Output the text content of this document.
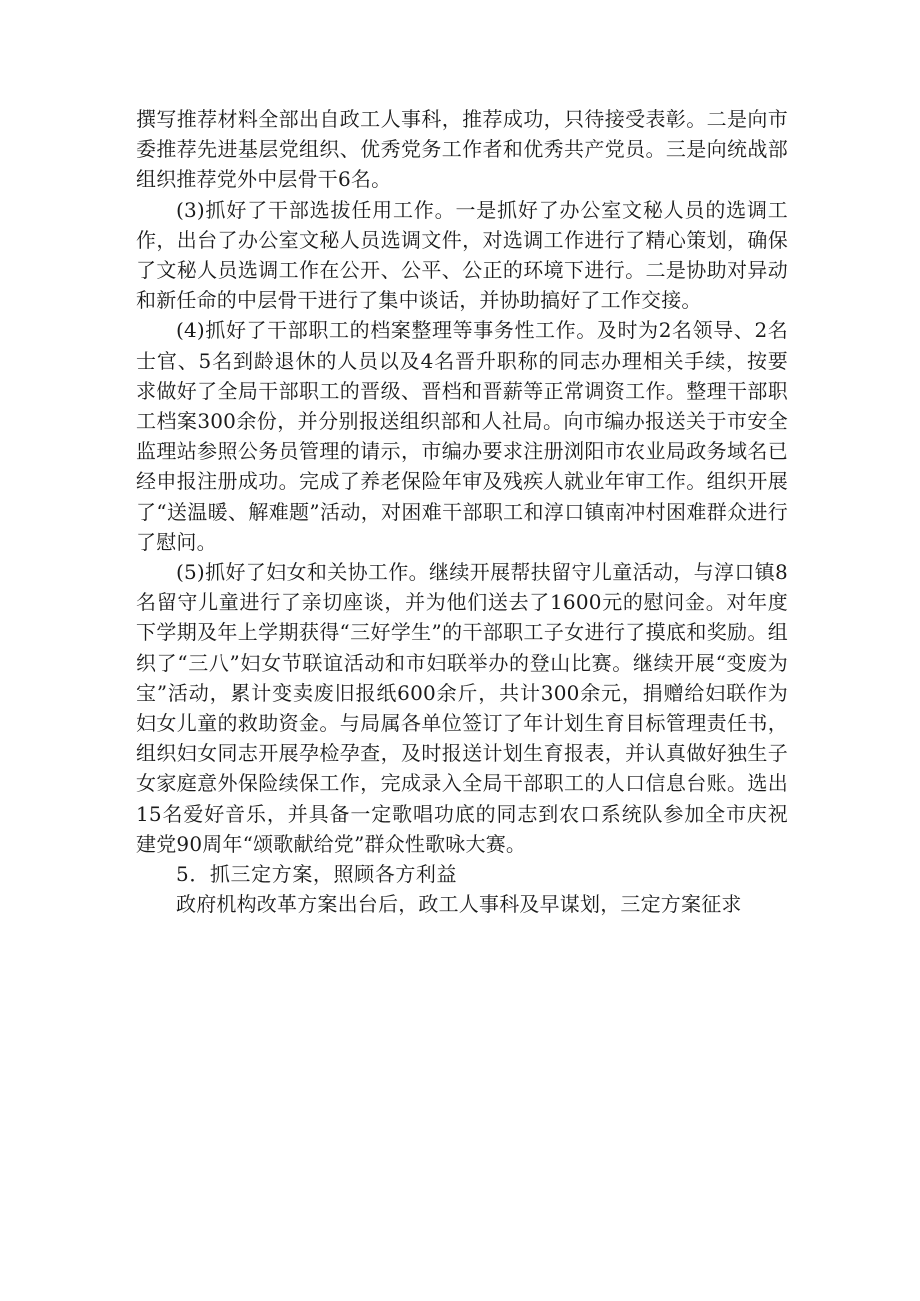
撰写推荐材料全部出自政工人事科，推荐成功，只待接受表彰。二是向市委推荐先进基层党组织、优秀党务工作者和优秀共产党员。三是向统战部组织推荐党外中层骨干6名。

(3)抓好了干部选拔任用工作。一是抓好了办公室文秘人员的选调工作，出台了办公室文秘人员选调文件，对选调工作进行了精心策划，确保了文秘人员选调工作在公开、公平、公正的环境下进行。二是协助对异动和新任命的中层骨干进行了集中谈话，并协助搞好了工作交接。

(4)抓好了干部职工的档案整理等事务性工作。及时为2名领导、2名士官、5名到龄退休的人员以及4名晋升职称的同志办理相关手续，按要求做好了全局干部职工的晋级、晋档和晋薪等正常调资工作。整理干部职工档案300余份，并分别报送组织部和人社局。向市编办报送关于市安全监理站参照公务员管理的请示，市编办要求注册浏阳市农业局政务域名已经申报注册成功。完成了养老保险年审及残疾人就业年审工作。组织开展了“送温暖、解难题”活动，对困难干部职工和淳口镇南冲村困难群众进行了慰问。

(5)抓好了妇女和关协工作。继续开展帮扶留守儿童活动，与淳口镇8名留守儿童进行了亲切座谈，并为他们送去了1600元的慰问金。对年度下学期及年上学期获得“三好学生”的干部职工子女进行了摸底和奖励。组织了“三八”妇女节联谊活动和市妇联举办的登山比赛。继续开展“变废为宝”活动，累计变卖废旧报纸600余斤，共计300余元，捐赠给妇联作为妇女儿童的救助资金。与局属各单位签订了年计划生育目标管理责任书，组织妇女同志开展孕检孕查，及时报送计划生育报表，并认真做好独生子女家庭意外保险续保工作，完成录入全局干部职工的人口信息台账。选出15名爱好音乐，并具备一定歌唱功底的同志到农口系统队参加全市庆祝建党90周年“颂歌献给党”群众性歌咏大赛。

5．抓三定方案，照顾各方利益

政府机构改革方案出台后，政工人事科及早谋划，三定方案征求
